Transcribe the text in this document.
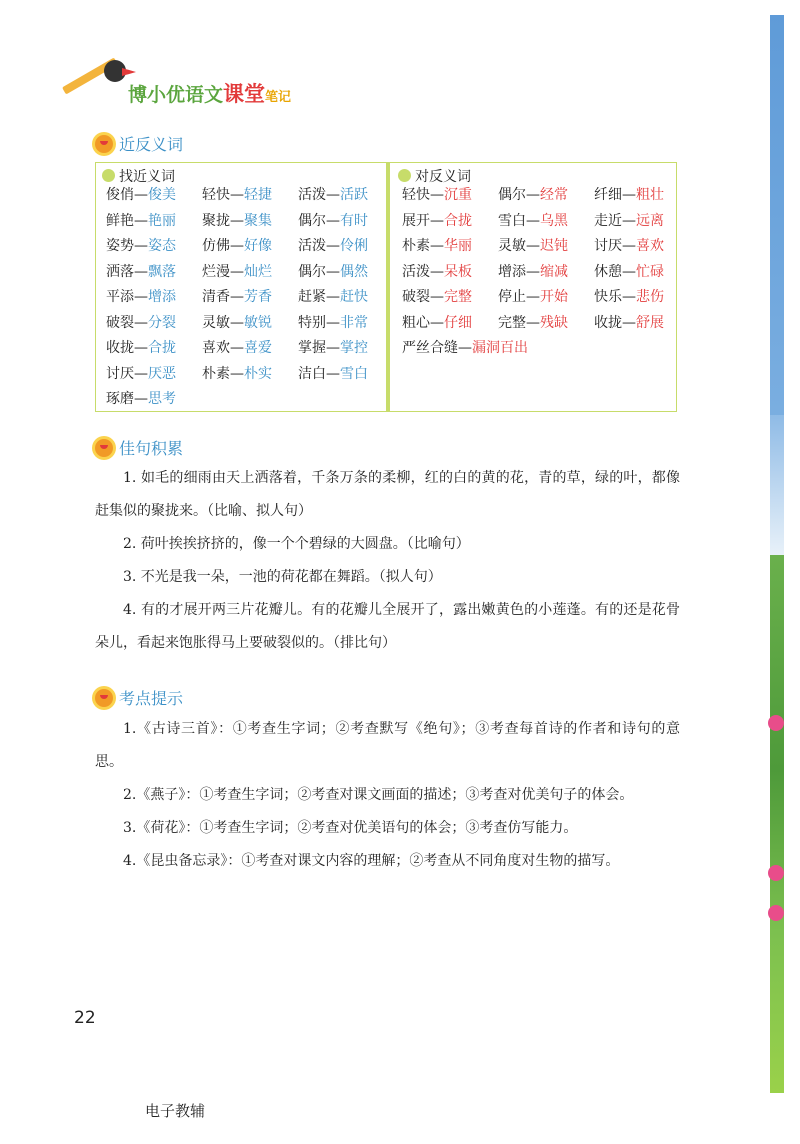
博小优语文课堂笔记
近反义词
找近义词	对反义词
俊俏—俊美	轻快—轻捷	活泼—活跃
鲜艳—艳丽	聚拢—聚集	偶尔—有时
姿势—姿态	仿佛—好像	活泼—伶俐
洒落—飘落	烂漫—灿烂	偶尔—偶然
平添—增添	清香—芳香	赶紧—赶快
破裂—分裂	灵敏—敏锐	特别—非常
收拢—合拢	喜欢—喜爱	掌握—掌控
讨厌—厌恶	朴素—朴实	洁白—雪白
琢磨—思考
轻快—沉重	偶尔—经常	纤细—粗壮
展开—合拢	雪白—乌黑	走近—远离
朴素—华丽	灵敏—迟钝	讨厌—喜欢
活泼—呆板	增添—缩减	休憩—忙碌
破裂—完整	停止—开始	快乐—悲伤
粗心—仔细	完整—残缺	收拢—舒展
严丝合缝—漏洞百出
佳句积累

1. 如毛的细雨由天上洒落着，千条万条的柔柳，红的白的黄的花，青的草，绿的叶，都像赶集似的聚拢来。（比喻、拟人句）

2. 荷叶挨挨挤挤的，像一个个碧绿的大圆盘。（比喻句）

3. 不光是我一朵，一池的荷花都在舞蹈。（拟人句）

4. 有的才展开两三片花瓣儿。有的花瓣儿全展开了，露出嫩黄色的小莲蓬。有的还是花骨朵儿，看起来饱胀得马上要破裂似的。（排比句）

考点提示

1.《古诗三首》：①考查生字词；②考查默写《绝句》；③考查每首诗的作者和诗句的意思。

2.《燕子》：①考查生字词；②考查对课文画面的描述；③考查对优美句子的体会。

3.《荷花》：①考查生字词；②考查对优美语句的体会；③考查仿写能力。

4.《昆虫备忘录》：①考查对课文内容的理解；②考查从不同角度对生物的描写。

22
电子教辅
